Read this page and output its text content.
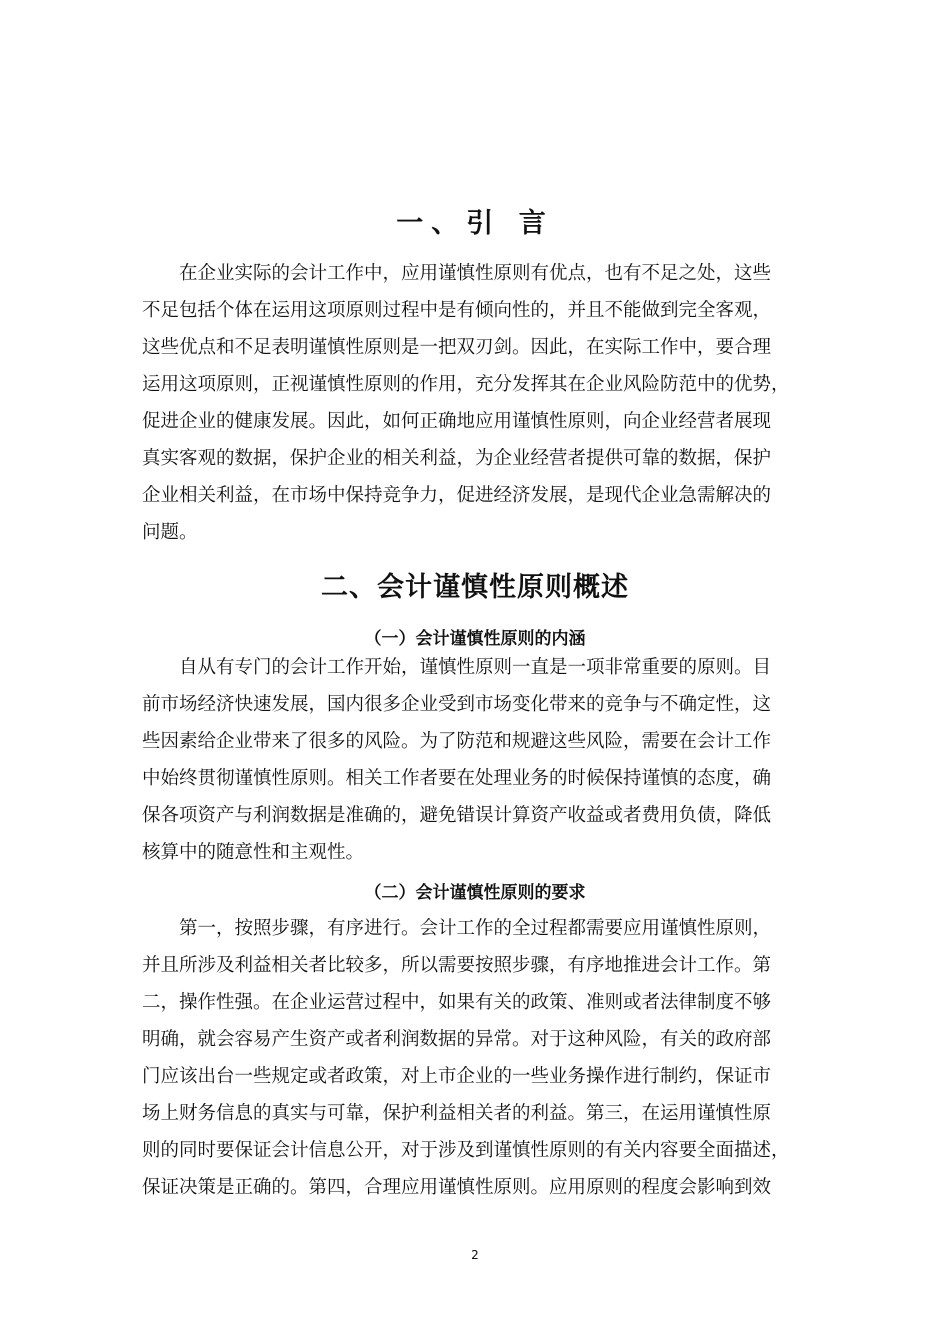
一、引 言

　　在企业实际的会计工作中，应用谨慎性原则有优点，也有不足之处，这些

不足包括个体在运用这项原则过程中是有倾向性的，并且不能做到完全客观，

这些优点和不足表明谨慎性原则是一把双刃剑。因此，在实际工作中，要合理

运用这项原则，正视谨慎性原则的作用，充分发挥其在企业风险防范中的优势，

促进企业的健康发展。因此，如何正确地应用谨慎性原则，向企业经营者展现

真实客观的数据，保护企业的相关利益，为企业经营者提供可靠的数据，保护

企业相关利益，在市场中保持竞争力，促进经济发展，是现代企业急需解决的

问题。

二、会计谨慎性原则概述
（一）会计谨慎性原则的内涵

　　自从有专门的会计工作开始，谨慎性原则一直是一项非常重要的原则。目

前市场经济快速发展，国内很多企业受到市场变化带来的竞争与不确定性，这

些因素给企业带来了很多的风险。为了防范和规避这些风险，需要在会计工作

中始终贯彻谨慎性原则。相关工作者要在处理业务的时候保持谨慎的态度，确

保各项资产与利润数据是准确的，避免错误计算资产收益或者费用负债，降低

核算中的随意性和主观性。

（二）会计谨慎性原则的要求

　　第一，按照步骤，有序进行。会计工作的全过程都需要应用谨慎性原则，

并且所涉及利益相关者比较多，所以需要按照步骤，有序地推进会计工作。第

二，操作性强。在企业运营过程中，如果有关的政策、准则或者法律制度不够

明确，就会容易产生资产或者利润数据的异常。对于这种风险，有关的政府部

门应该出台一些规定或者政策，对上市企业的一些业务操作进行制约，保证市

场上财务信息的真实与可靠，保护利益相关者的利益。第三，在运用谨慎性原

则的同时要保证会计信息公开，对于涉及到谨慎性原则的有关内容要全面描述，

保证决策是正确的。第四，合理应用谨慎性原则。应用原则的程度会影响到效

2
